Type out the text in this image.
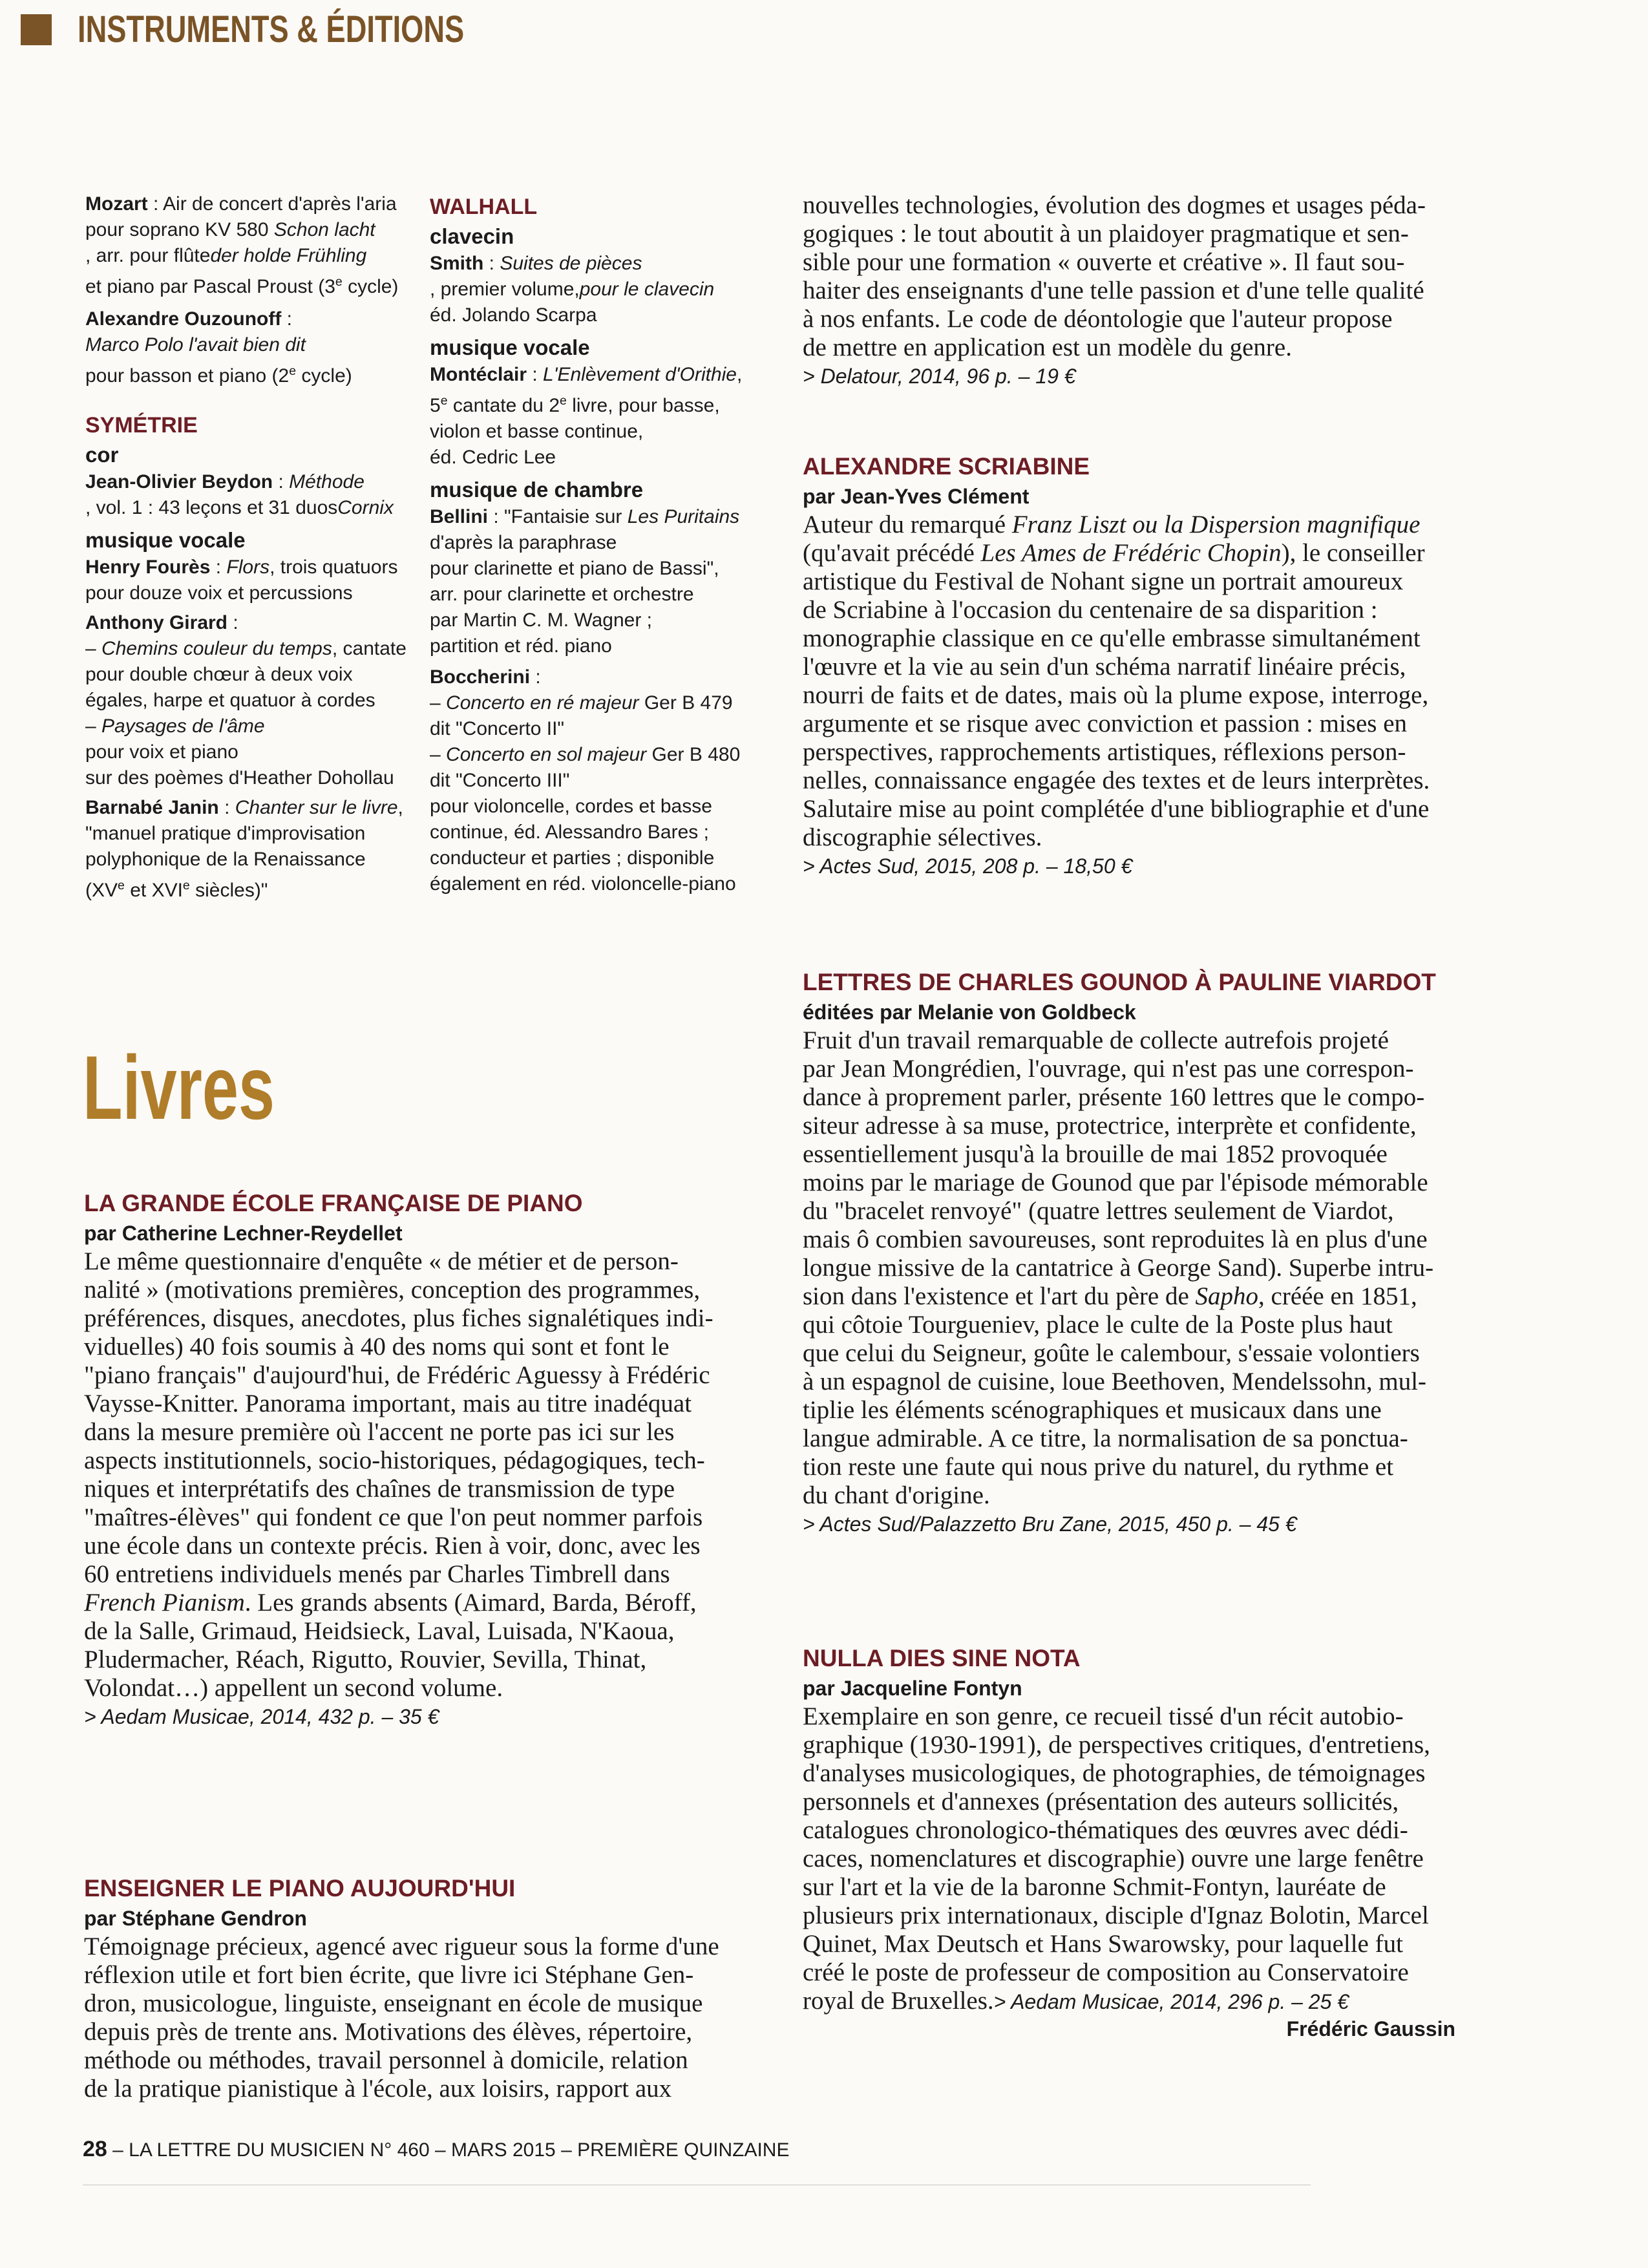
INSTRUMENTS & ÉDITIONS
Mozart : Air de concert d'après l'aria
pour soprano KV 580 Schon lacht
, arr. pour flûteder holde Frühling
et piano par Pascal Proust (3e cycle)
Alexandre Ouzounoff :
Marco Polo l'avait bien dit
pour basson et piano (2e cycle)
SYMÉTRIE
cor
Jean-Olivier Beydon : Méthode
, vol. 1 : 43 leçons et 31 duosCornix
musique vocale
Henry Fourès : Flors, trois quatuors
pour douze voix et percussions
Anthony Girard :
– Chemins couleur du temps, cantate
pour double chœur à deux voix
égales, harpe et quatuor à cordes
– Paysages de l'âme
pour voix et piano
sur des poèmes d'Heather Dohollau
Barnabé Janin : Chanter sur le livre,
"manuel pratique d'improvisation
polyphonique de la Renaissance
(XVe et XVIe siècles)"
WALHALL
clavecin
Smith : Suites de pièces
, premier volume,pour le clavecin
éd. Jolando Scarpa
musique vocale
Montéclair : L'Enlèvement d'Orithie,
5e cantate du 2e livre, pour basse,
violon et basse continue,
éd. Cedric Lee
musique de chambre
Bellini : "Fantaisie sur Les Puritains
d'après la paraphrase
pour clarinette et piano de Bassi",
arr. pour clarinette et orchestre
par Martin C. M. Wagner ;
partition et réd. piano
Boccherini :
– Concerto en ré majeur Ger B 479
dit "Concerto II"
– Concerto en sol majeur Ger B 480
dit "Concerto III"
pour violoncelle, cordes et basse
continue, éd. Alessandro Bares ;
conducteur et parties ; disponible
également en réd. violoncelle-piano
Livres
LA GRANDE ÉCOLE FRANÇAISE DE PIANO
par Catherine Lechner-Reydellet
Le même questionnaire d'enquête « de métier et de person-
nalité » (motivations premières, conception des programmes,
préférences, disques, anecdotes, plus fiches signalétiques indi-
viduelles) 40 fois soumis à 40 des noms qui sont et font le
"piano français" d'aujourd'hui, de Frédéric Aguessy à Frédéric
Vaysse-Knitter. Panorama important, mais au titre inadéquat
dans la mesure première où l'accent ne porte pas ici sur les
aspects institutionnels, socio-historiques, pédagogiques, tech-
niques et interprétatifs des chaînes de transmission de type
"maîtres-élèves" qui fondent ce que l'on peut nommer parfois
une école dans un contexte précis. Rien à voir, donc, avec les
60 entretiens individuels menés par Charles Timbrell dans
French Pianism. Les grands absents (Aimard, Barda, Béroff,
de la Salle, Grimaud, Heidsieck, Laval, Luisada, N'Kaoua,
Pludermacher, Réach, Rigutto, Rouvier, Sevilla, Thinat,
Volondat…) appellent un second volume.
> Aedam Musicae, 2014, 432 p. – 35 €
ENSEIGNER LE PIANO AUJOURD'HUI
par Stéphane Gendron
Témoignage précieux, agencé avec rigueur sous la forme d'une
réflexion utile et fort bien écrite, que livre ici Stéphane Gen-
dron, musicologue, linguiste, enseignant en école de musique
depuis près de trente ans. Motivations des élèves, répertoire,
méthode ou méthodes, travail personnel à domicile, relation
de la pratique pianistique à l'école, aux loisirs, rapport aux
nouvelles technologies, évolution des dogmes et usages péda-
gogiques : le tout aboutit à un plaidoyer pragmatique et sen-
sible pour une formation « ouverte et créative ». Il faut sou-
haiter des enseignants d'une telle passion et d'une telle qualité
à nos enfants. Le code de déontologie que l'auteur propose
de mettre en application est un modèle du genre.
> Delatour, 2014, 96 p. – 19 €
ALEXANDRE SCRIABINE
par Jean-Yves Clément
Auteur du remarqué Franz Liszt ou la Dispersion magnifique
(qu'avait précédé Les Ames de Frédéric Chopin), le conseiller
artistique du Festival de Nohant signe un portrait amoureux
de Scriabine à l'occasion du centenaire de sa disparition :
monographie classique en ce qu'elle embrasse simultanément
l'œuvre et la vie au sein d'un schéma narratif linéaire précis,
nourri de faits et de dates, mais où la plume expose, interroge,
argumente et se risque avec conviction et passion : mises en
perspectives, rapprochements artistiques, réflexions person-
nelles, connaissance engagée des textes et de leurs interprètes.
Salutaire mise au point complétée d'une bibliographie et d'une
discographie sélectives.
> Actes Sud, 2015, 208 p. – 18,50 €
LETTRES DE CHARLES GOUNOD À PAULINE VIARDOT
éditées par Melanie von Goldbeck
Fruit d'un travail remarquable de collecte autrefois projeté
par Jean Mongrédien, l'ouvrage, qui n'est pas une correspon-
dance à proprement parler, présente 160 lettres que le compo-
siteur adresse à sa muse, protectrice, interprète et confidente,
essentiellement jusqu'à la brouille de mai 1852 provoquée
moins par le mariage de Gounod que par l'épisode mémorable
du "bracelet renvoyé" (quatre lettres seulement de Viardot,
mais ô combien savoureuses, sont reproduites là en plus d'une
longue missive de la cantatrice à George Sand). Superbe intru-
sion dans l'existence et l'art du père de Sapho, créée en 1851,
qui côtoie Tourgueniev, place le culte de la Poste plus haut
que celui du Seigneur, goûte le calembour, s'essaie volontiers
à un espagnol de cuisine, loue Beethoven, Mendelssohn, mul-
tiplie les éléments scénographiques et musicaux dans une
langue admirable. A ce titre, la normalisation de sa ponctua-
tion reste une faute qui nous prive du naturel, du rythme et
du chant d'origine.
> Actes Sud/Palazzetto Bru Zane, 2015, 450 p. – 45 €
NULLA DIES SINE NOTA
par Jacqueline Fontyn
Exemplaire en son genre, ce recueil tissé d'un récit autobio-
graphique (1930-1991), de perspectives critiques, d'entretiens,
d'analyses musicologiques, de photographies, de témoignages
personnels et d'annexes (présentation des auteurs sollicités,
catalogues chronologico-thématiques des œuvres avec dédi-
caces, nomenclatures et discographie) ouvre une large fenêtre
sur l'art et la vie de la baronne Schmit-Fontyn, lauréate de
plusieurs prix internationaux, disciple d'Ignaz Bolotin, Marcel
Quinet, Max Deutsch et Hans Swarowsky, pour laquelle fut
créé le poste de professeur de composition au Conservatoire
royal de Bruxelles.> Aedam Musicae, 2014, 296 p. – 25 €
Frédéric Gaussin
28 – LA LETTRE DU MUSICIEN N° 460 – MARS 2015 – PREMIÈRE QUINZAINE
